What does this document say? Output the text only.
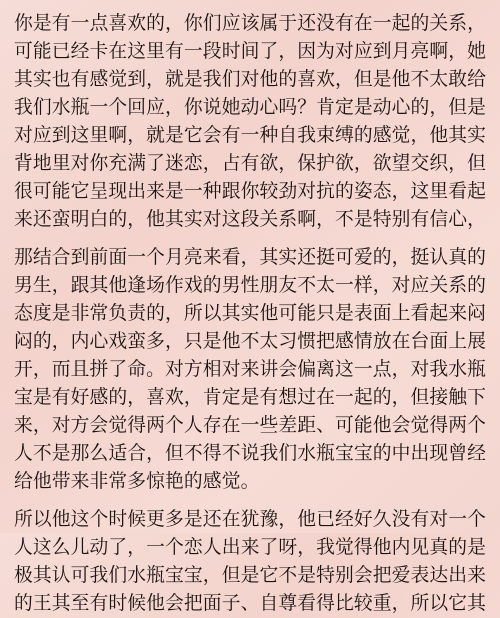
你是有一点喜欢的，你们应该属于还没有在一起的关系，
可能已经卡在这里有一段时间了，因为对应到月亮啊，她
其实也有感觉到，就是我们对他的喜欢，但是他不太敢给
我们水瓶一个回应，你说她动心吗？肯定是动心的，但是
对应到这里啊，就是它会有一种自我束缚的感觉，他其实
背地里对你充满了迷恋，占有欲，保护欲，欲望交织，但
很可能它呈现出来是一种跟你较劲对抗的姿态，这里看起
来还蛮明白的，他其实对这段关系啊，不是特别有信心，
那结合到前面一个月亮来看，其实还挺可爱的，挺认真的
男生，跟其他逢场作戏的男性朋友不太一样，对应关系的
态度是非常负责的，所以其实他可能只是表面上看起来闷
闷的，内心戏蛮多，只是他不太习惯把感情放在台面上展
开，而且拼了命。对方相对来讲会偏离这一点，对我水瓶
宝是有好感的，喜欢，肯定是有想过在一起的，但接触下
来，对方会觉得两个人存在一些差距、可能他会觉得两个
人不是那么适合，但不得不说我们水瓶宝宝的中出现曾经
给他带来非常多惊艳的感觉。
所以他这个时候更多是还在犹豫，他已经好久没有对一个
人这么儿动了，一个恋人出来了呀，我觉得他内见真的是
极其认可我们水瓶宝宝，但是它不是特别会把爱表达出来
的王其至有时候他会把面子、自尊看得比较重，所以它其
